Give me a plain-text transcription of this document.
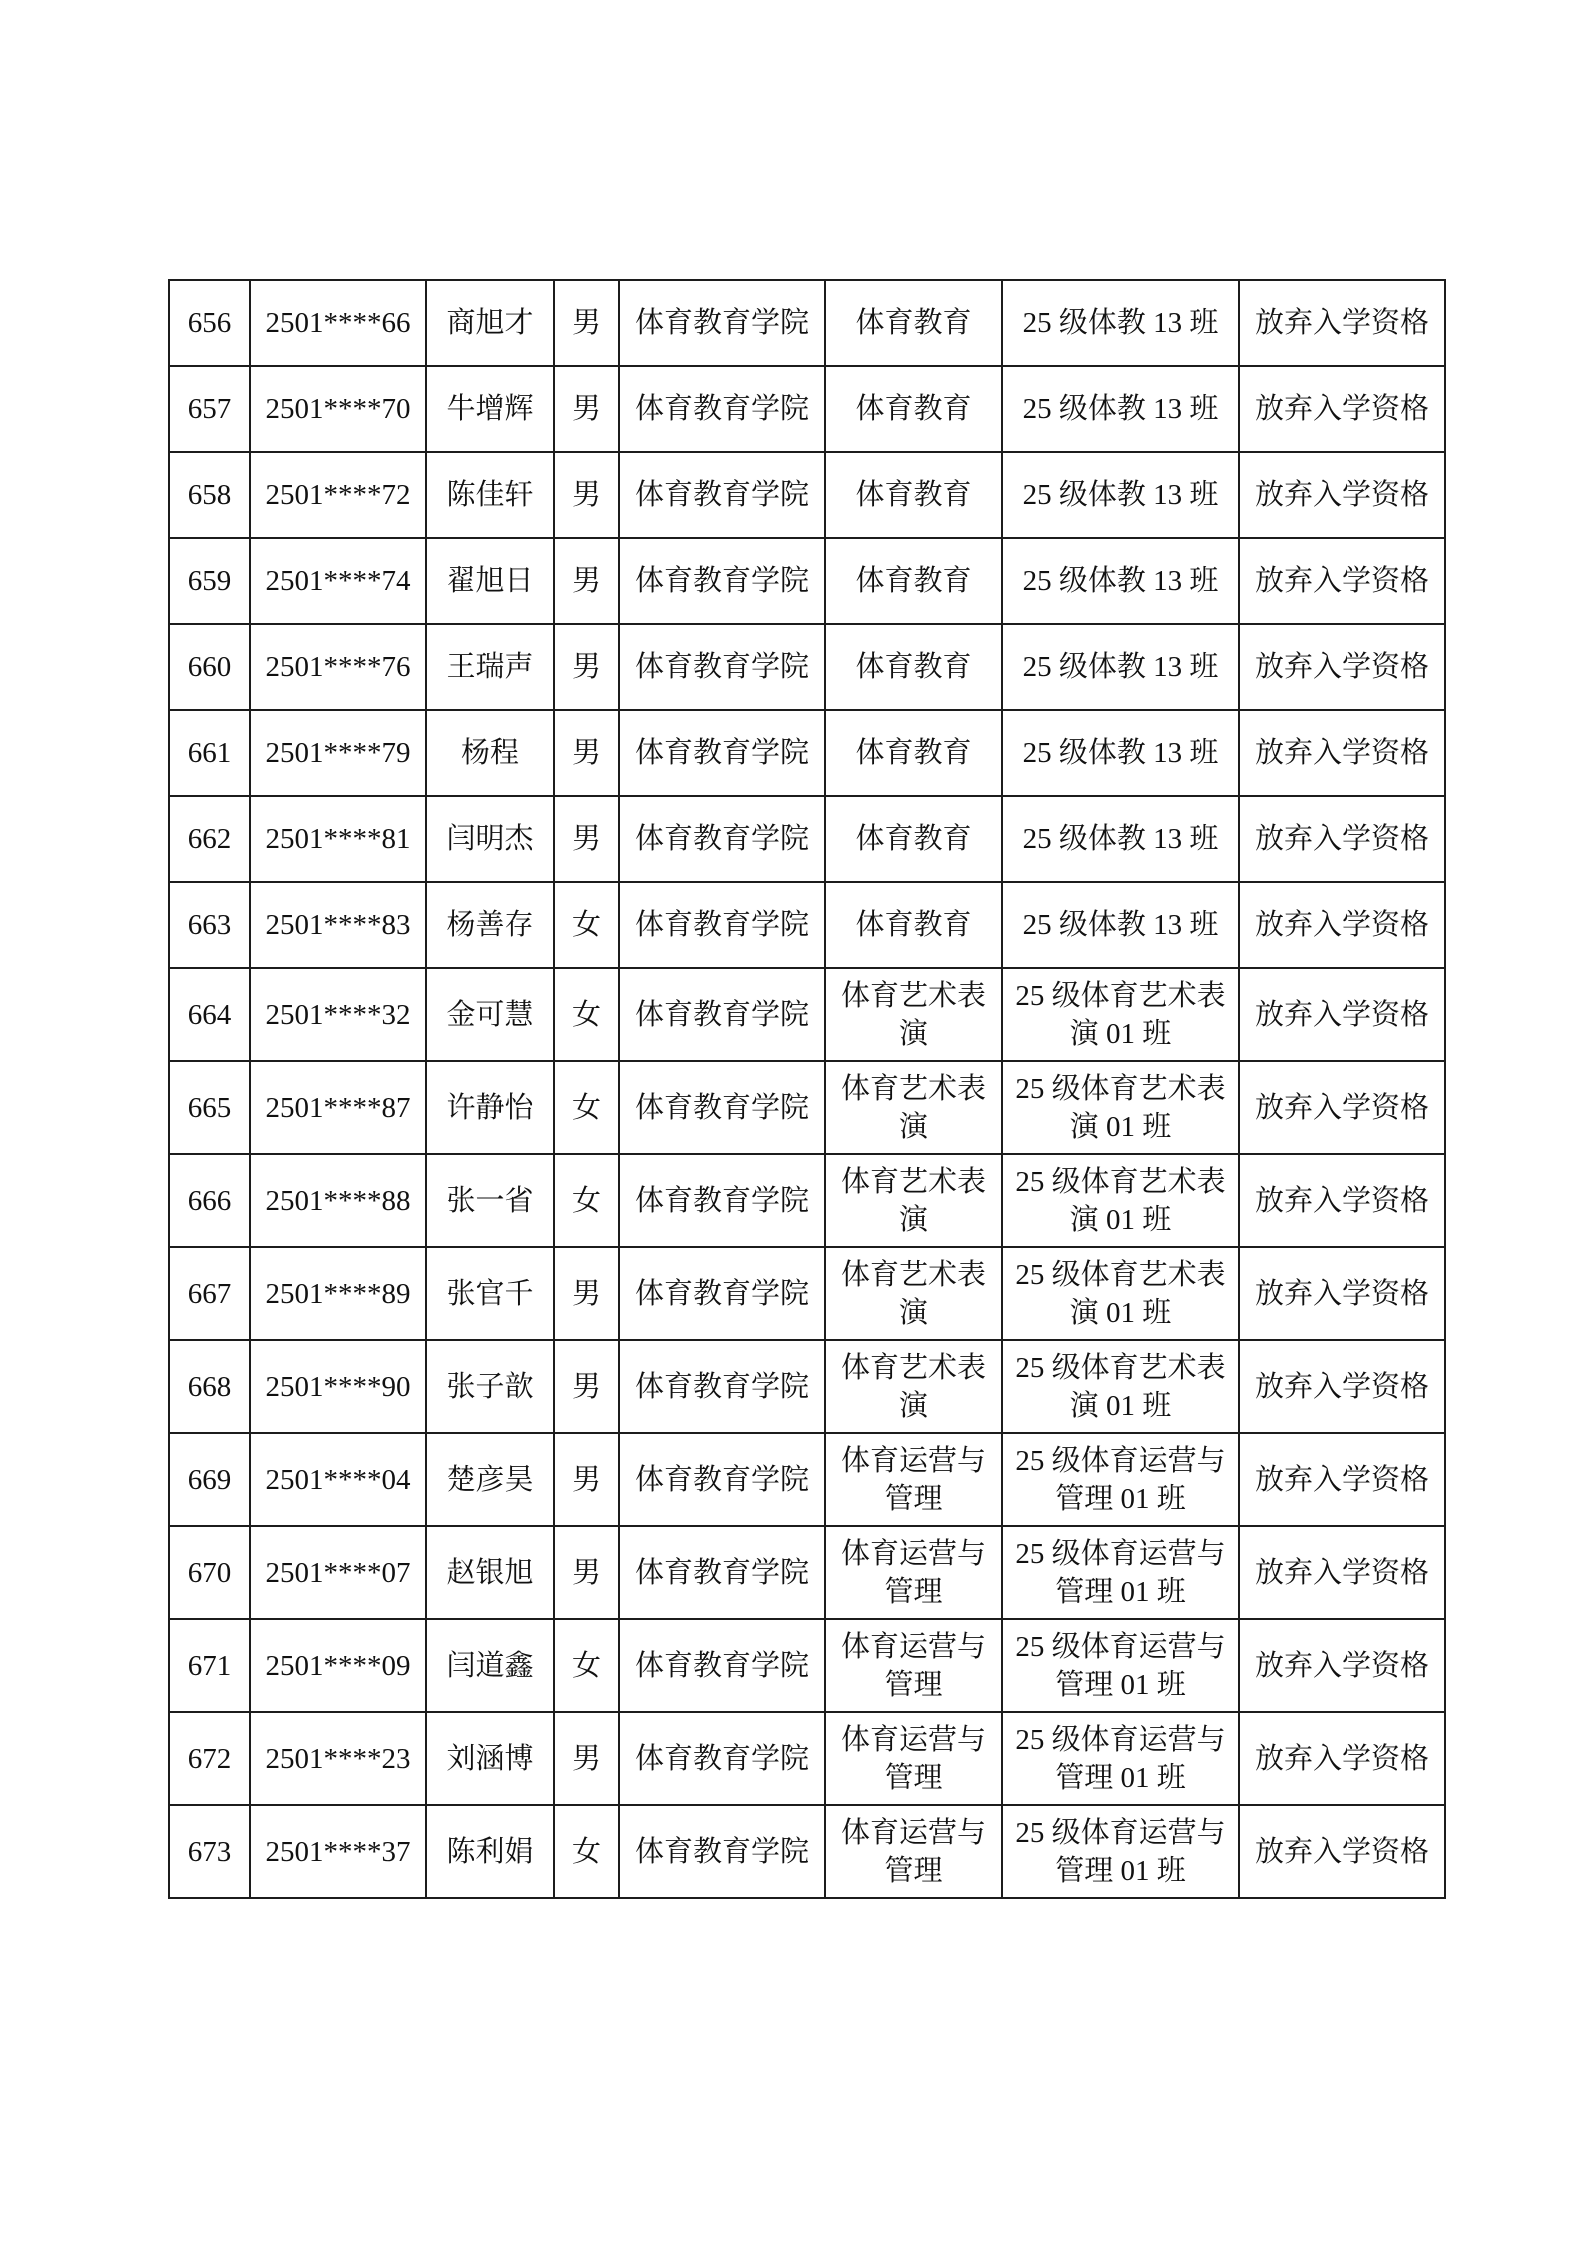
656	2501****66	商旭才	男	体育教育学院	体育教育	25 级体教 13 班	放弃入学资格
657	2501****70	牛增辉	男	体育教育学院	体育教育	25 级体教 13 班	放弃入学资格
658	2501****72	陈佳轩	男	体育教育学院	体育教育	25 级体教 13 班	放弃入学资格
659	2501****74	翟旭日	男	体育教育学院	体育教育	25 级体教 13 班	放弃入学资格
660	2501****76	王瑞声	男	体育教育学院	体育教育	25 级体教 13 班	放弃入学资格
661	2501****79	杨程	男	体育教育学院	体育教育	25 级体教 13 班	放弃入学资格
662	2501****81	闫明杰	男	体育教育学院	体育教育	25 级体教 13 班	放弃入学资格
663	2501****83	杨善存	女	体育教育学院	体育教育	25 级体教 13 班	放弃入学资格
664	2501****32	金可慧	女	体育教育学院	体育艺术表演	25 级体育艺术表演 01 班	放弃入学资格
665	2501****87	许静怡	女	体育教育学院	体育艺术表演	25 级体育艺术表演 01 班	放弃入学资格
666	2501****88	张一省	女	体育教育学院	体育艺术表演	25 级体育艺术表演 01 班	放弃入学资格
667	2501****89	张官千	男	体育教育学院	体育艺术表演	25 级体育艺术表演 01 班	放弃入学资格
668	2501****90	张子歆	男	体育教育学院	体育艺术表演	25 级体育艺术表演 01 班	放弃入学资格
669	2501****04	楚彦昊	男	体育教育学院	体育运营与管理	25 级体育运营与管理 01 班	放弃入学资格
670	2501****07	赵银旭	男	体育教育学院	体育运营与管理	25 级体育运营与管理 01 班	放弃入学资格
671	2501****09	闫道鑫	女	体育教育学院	体育运营与管理	25 级体育运营与管理 01 班	放弃入学资格
672	2501****23	刘涵博	男	体育教育学院	体育运营与管理	25 级体育运营与管理 01 班	放弃入学资格
673	2501****37	陈利娟	女	体育教育学院	体育运营与管理	25 级体育运营与管理 01 班	放弃入学资格
